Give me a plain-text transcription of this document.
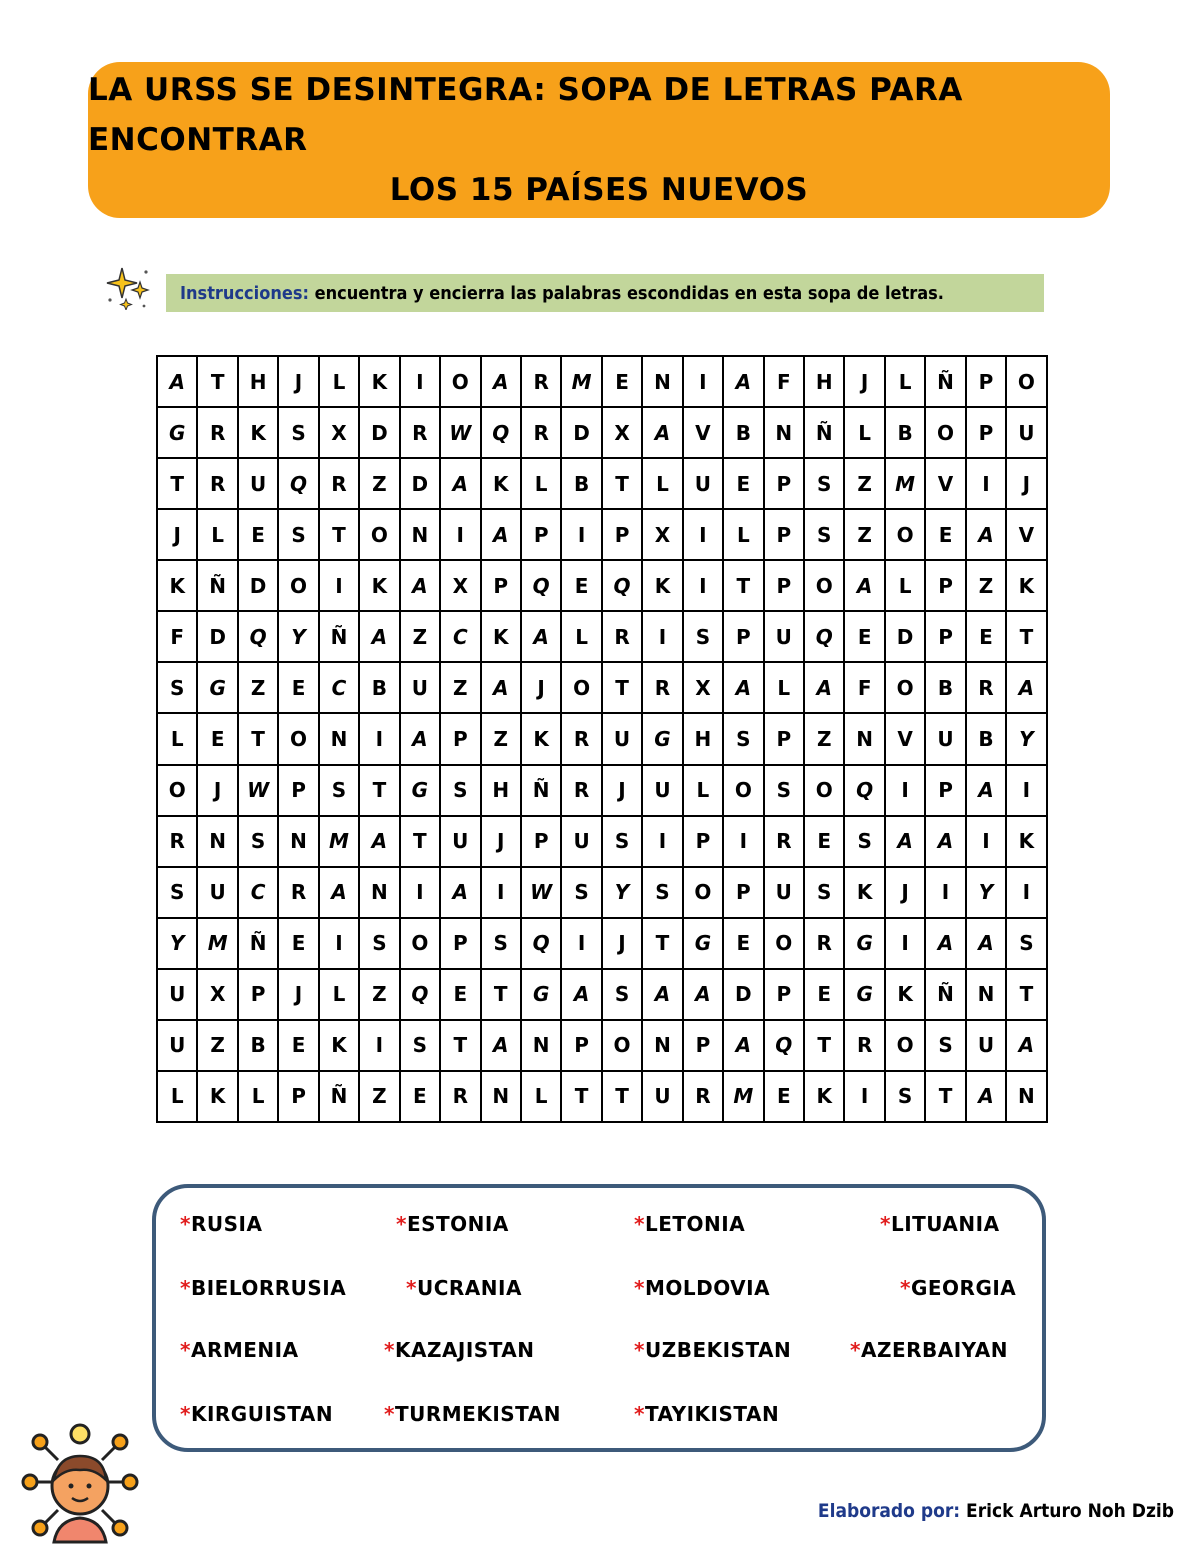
LA URSS SE DESINTEGRA: SOPA DE LETRAS PARA ENCONTRAR
LOS 15 PAÍSES NUEVOS
Instrucciones: encuentra y encierra las palabras escondidas en esta sopa de letras.
A	T	H	J	L	K	I	O	A	R	M	E	N	I	A	F	H	J	L	Ñ	P	O
G	R	K	S	X	D	R	W	Q	R	D	X	A	V	B	N	Ñ	L	B	O	P	U
T	R	U	Q	R	Z	D	A	K	L	B	T	L	U	E	P	S	Z	M	V	I	J
J	L	E	S	T	O	N	I	A	P	I	P	X	I	L	P	S	Z	O	E	A	V
K	Ñ	D	O	I	K	A	X	P	Q	E	Q	K	I	T	P	O	A	L	P	Z	K
F	D	Q	Y	Ñ	A	Z	C	K	A	L	R	I	S	P	U	Q	E	D	P	E	T
S	G	Z	E	C	B	U	Z	A	J	O	T	R	X	A	L	A	F	O	B	R	A
L	E	T	O	N	I	A	P	Z	K	R	U	G	H	S	P	Z	N	V	U	B	Y
O	J	W	P	S	T	G	S	H	Ñ	R	J	U	L	O	S	O	Q	I	P	A	I
R	N	S	N	M	A	T	U	J	P	U	S	I	P	I	R	E	S	A	A	I	K
S	U	C	R	A	N	I	A	I	W	S	Y	S	O	P	U	S	K	J	I	Y	I
Y	M	Ñ	E	I	S	O	P	S	Q	I	J	T	G	E	O	R	G	I	A	A	S
U	X	P	J	L	Z	Q	E	T	G	A	S	A	A	D	P	E	G	K	Ñ	N	T
U	Z	B	E	K	I	S	T	A	N	P	O	N	P	A	Q	T	R	O	S	U	A
L	K	L	P	Ñ	Z	E	R	N	L	T	T	U	R	M	E	K	I	S	T	A	N
*RUSIA	*ESTONIA	*LETONIA	*LITUANIA
*BIELORRUSIA	*UCRANIA	*MOLDOVIA	*GEORGIA
*ARMENIA	*KAZAJISTAN	*UZBEKISTAN	*AZERBAIYAN
*KIRGUISTAN	*TURMEKISTAN	*TAYIKISTAN
Elaborado por: Erick Arturo Noh Dzib
